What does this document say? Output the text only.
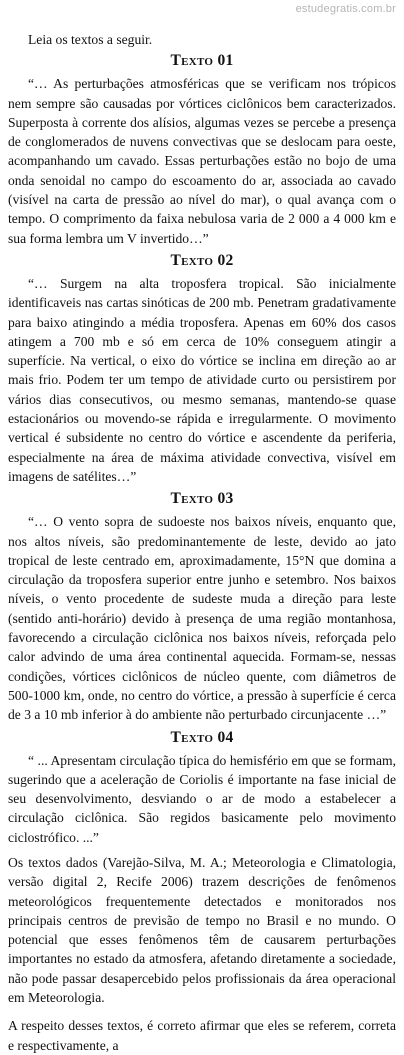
estudegratis.com.br

Leia os textos a seguir.

Texto 01

“… As perturbações atmosféricas que se verificam nos trópicos nem sempre são causadas por vórtices ciclônicos bem caracterizados. Superposta à corrente dos alísios, algumas vezes se percebe a presença de conglomerados de nuvens convectivas que se deslocam para oeste, acompanhando um cavado. Essas perturbações estão no bojo de uma onda senoidal no campo do escoamento do ar, associada ao cavado (visível na carta de pressão ao nível do mar), o qual avança com o tempo. O comprimento da faixa nebulosa varia de 2 000 a 4 000 km e sua forma lembra um V invertido…”

Texto 02

“… Surgem na alta troposfera tropical. São inicialmente identificaveis nas cartas sinóticas de 200 mb. Penetram gradativamente para baixo atingindo a média troposfera. Apenas em 60% dos casos atingem a 700 mb e só em cerca de 10% conseguem atingir a superfície. Na vertical, o eixo do vórtice se inclina em direção ao ar mais frio. Podem ter um tempo de atividade curto ou persistirem por vários dias consecutivos, ou mesmo semanas, mantendo-se quase estacionários ou movendo-se rápida e irregularmente. O movimento vertical é subsidente no centro do vórtice e ascendente da periferia, especialmente na área de máxima atividade convectiva, visível em imagens de satélites…”

Texto 03

“… O vento sopra de sudoeste nos baixos níveis, enquanto que, nos altos níveis, são predominantemente de leste, devido ao jato tropical de leste centrado em, aproximadamente, 15°N que domina a circulação da troposfera superior entre junho e setembro. Nos baixos níveis, o vento procedente de sudeste muda a direção para leste (sentido anti-horário) devido à presença de uma região montanhosa, favorecendo a circulação ciclônica nos baixos níveis, reforçada pelo calor advindo de uma área continental aquecida. Formam-se, nessas condições, vórtices ciclônicos de núcleo quente, com diâmetros de 500-1000 km, onde, no centro do vórtice, a pressão à superfície é cerca de 3 a 10 mb inferior à do ambiente não perturbado circunjacente …”

Texto 04

“ ... Apresentam circulação típica do hemisfério em que se formam, sugerindo que a aceleração de Coriolis é importante na fase inicial de seu desenvolvimento, desviando o ar de modo a estabelecer a circulação ciclônica. São regidos basicamente pelo movimento ciclostrófico. ...”

Os textos dados (Varejão-Silva, M. A.; Meteorologia e Climatologia, versão digital 2, Recife 2006) trazem descrições de fenômenos meteorológicos frequentemente detectados e monitorados nos principais centros de previsão de tempo no Brasil e no mundo. O potencial que esses fenômenos têm de causarem perturbações importantes no estado da atmosfera, afetando diretamente a sociedade, não pode passar desapercebido pelos profissionais da área operacional em Meteorologia.

A respeito desses textos, é correto afirmar que eles se referem, correta e respectivamente, a
